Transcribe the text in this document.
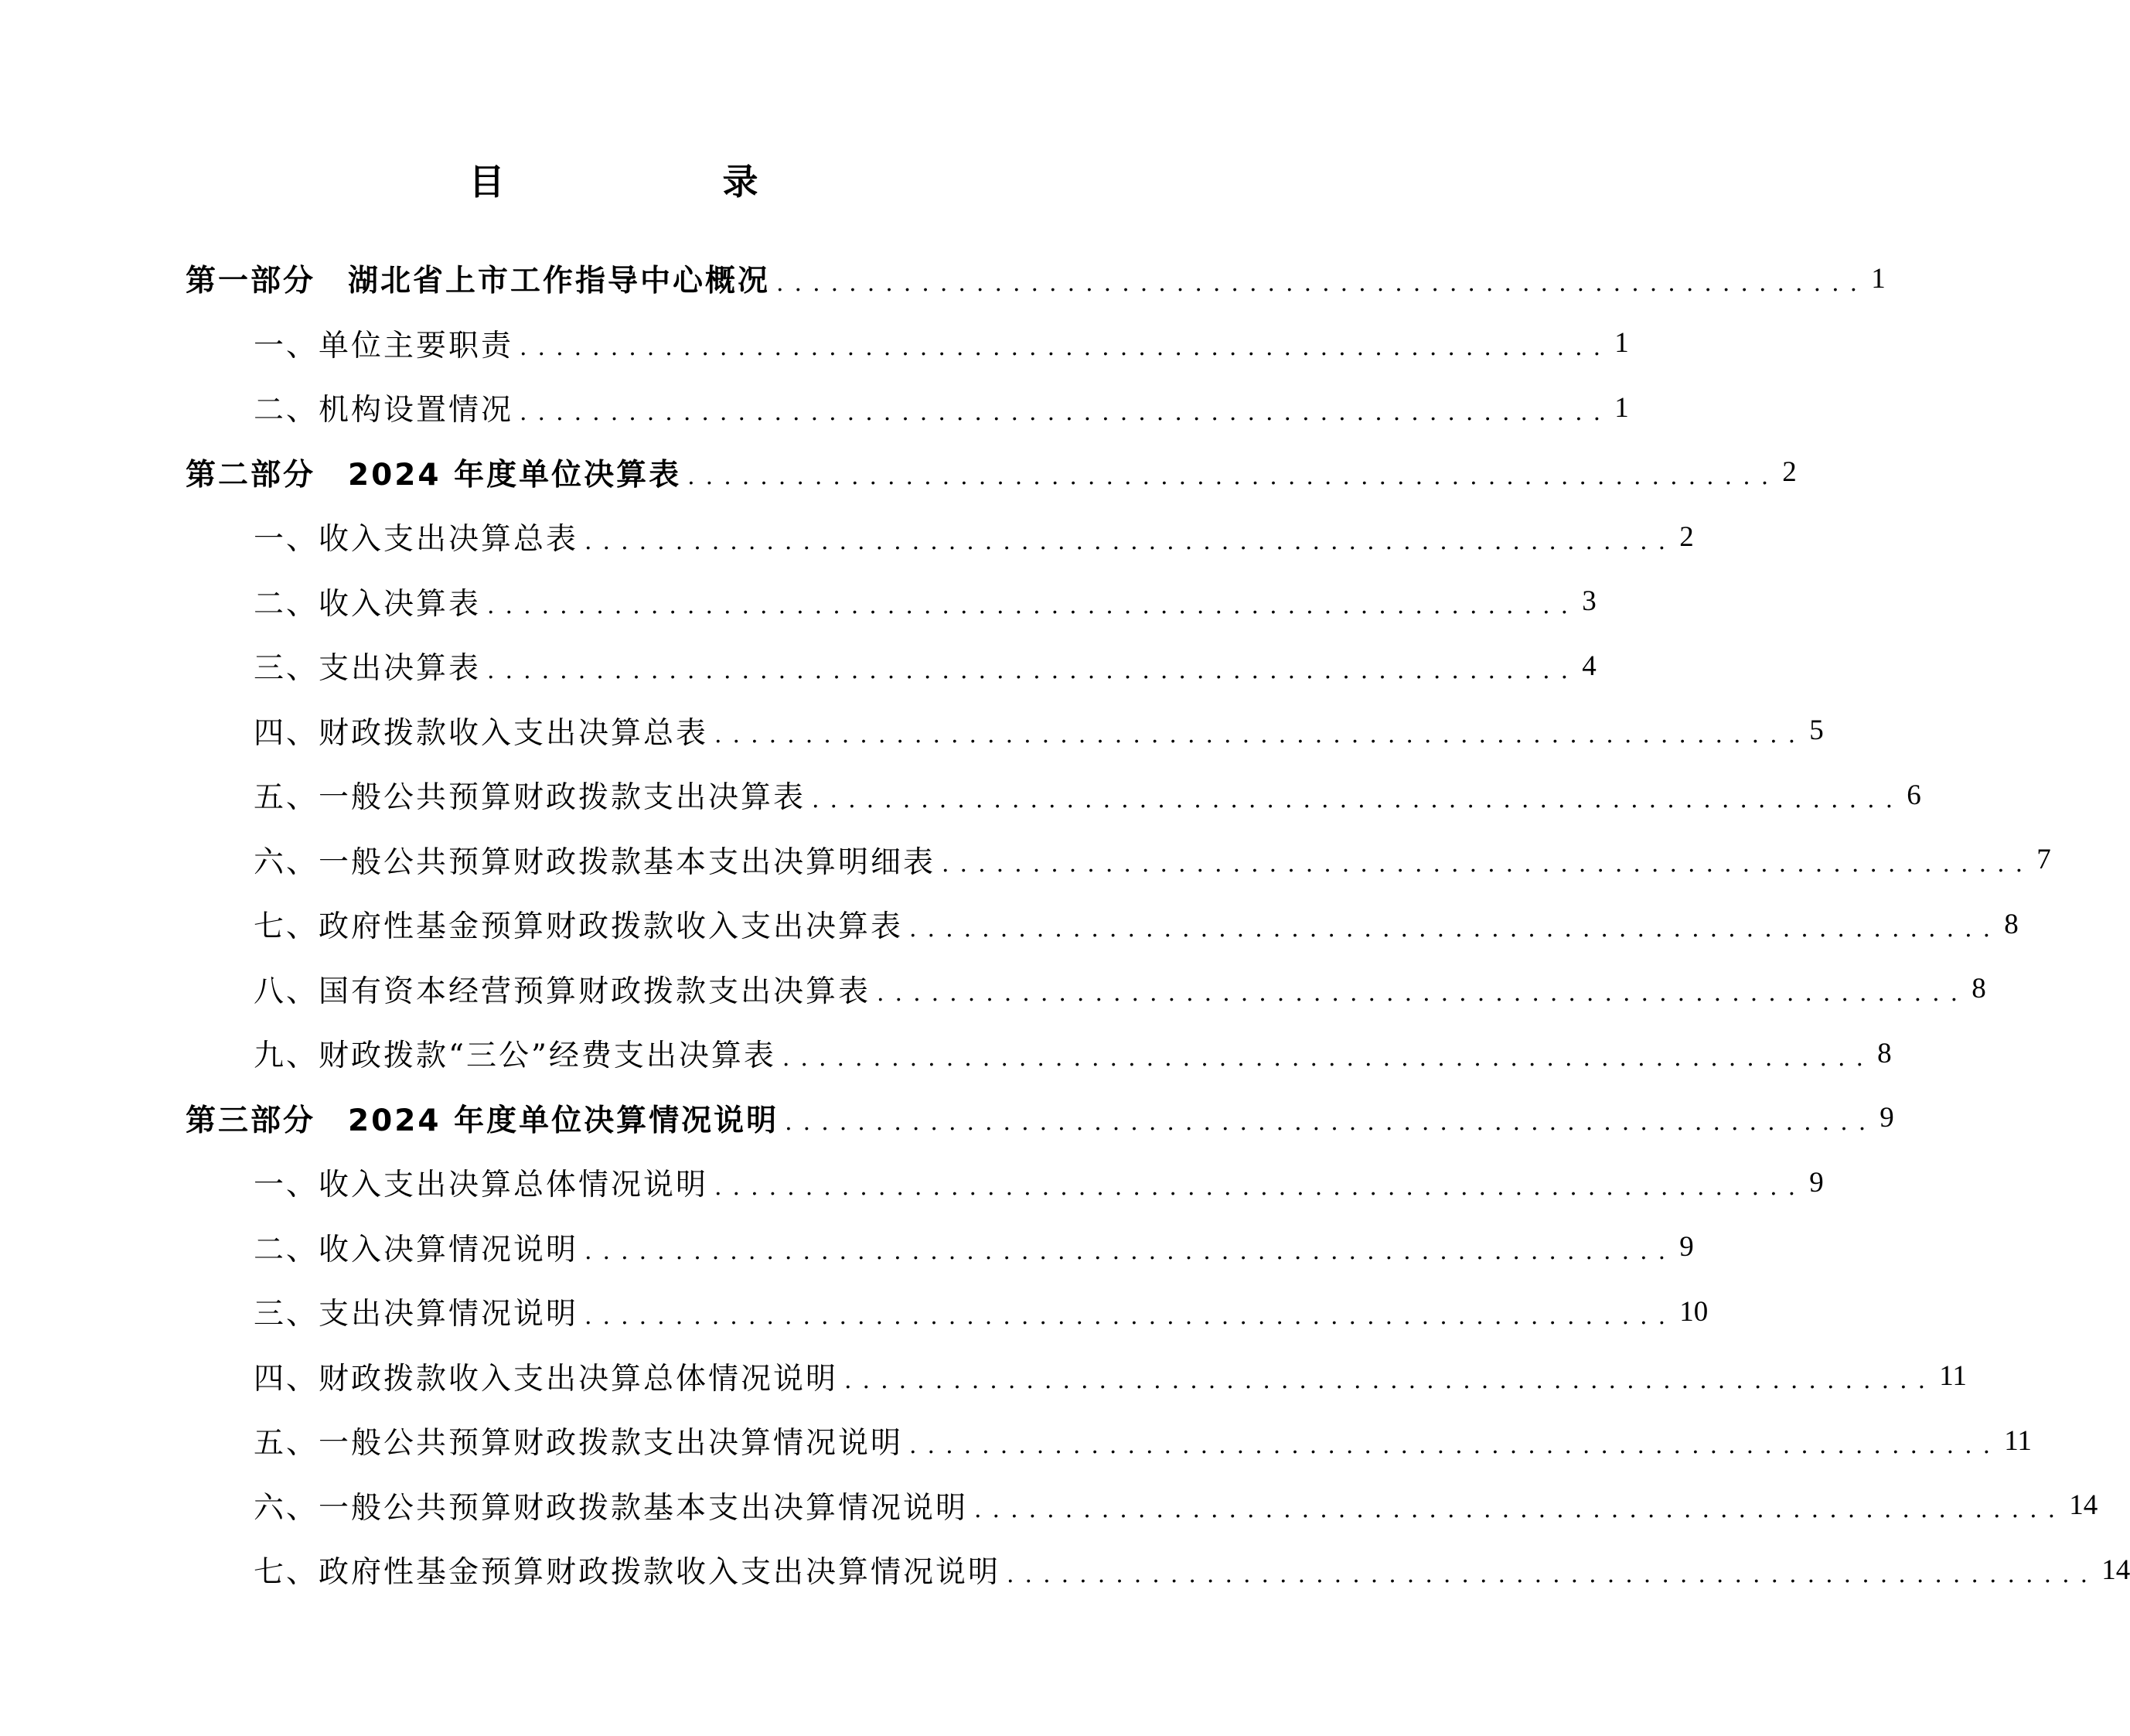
目　录
第一部分　湖北省上市工作指导中心概况 ............................................................ 1
一、单位主要职责 ............................................................ 1
二、机构设置情况 ............................................................ 1
第二部分　2024 年度单位决算表 ............................................................ 2
一、收入支出决算总表 ............................................................ 2
二、收入决算表 ............................................................ 3
三、支出决算表 ............................................................ 4
四、财政拨款收入支出决算总表 ............................................................ 5
五、一般公共预算财政拨款支出决算表 ............................................................ 6
六、一般公共预算财政拨款基本支出决算明细表 ............................................................ 7
七、政府性基金预算财政拨款收入支出决算表 ............................................................ 8
八、国有资本经营预算财政拨款支出决算表 ............................................................ 8
九、财政拨款“三公”经费支出决算表 ............................................................ 8
第三部分　2024 年度单位决算情况说明 ............................................................ 9
一、收入支出决算总体情况说明 ............................................................ 9
二、收入决算情况说明 ............................................................ 9
三、支出决算情况说明 ............................................................ 10
四、财政拨款收入支出决算总体情况说明 ............................................................ 11
五、一般公共预算财政拨款支出决算情况说明 ............................................................ 11
六、一般公共预算财政拨款基本支出决算情况说明 ............................................................ 14
七、政府性基金预算财政拨款收入支出决算情况说明 ............................................................ 14
